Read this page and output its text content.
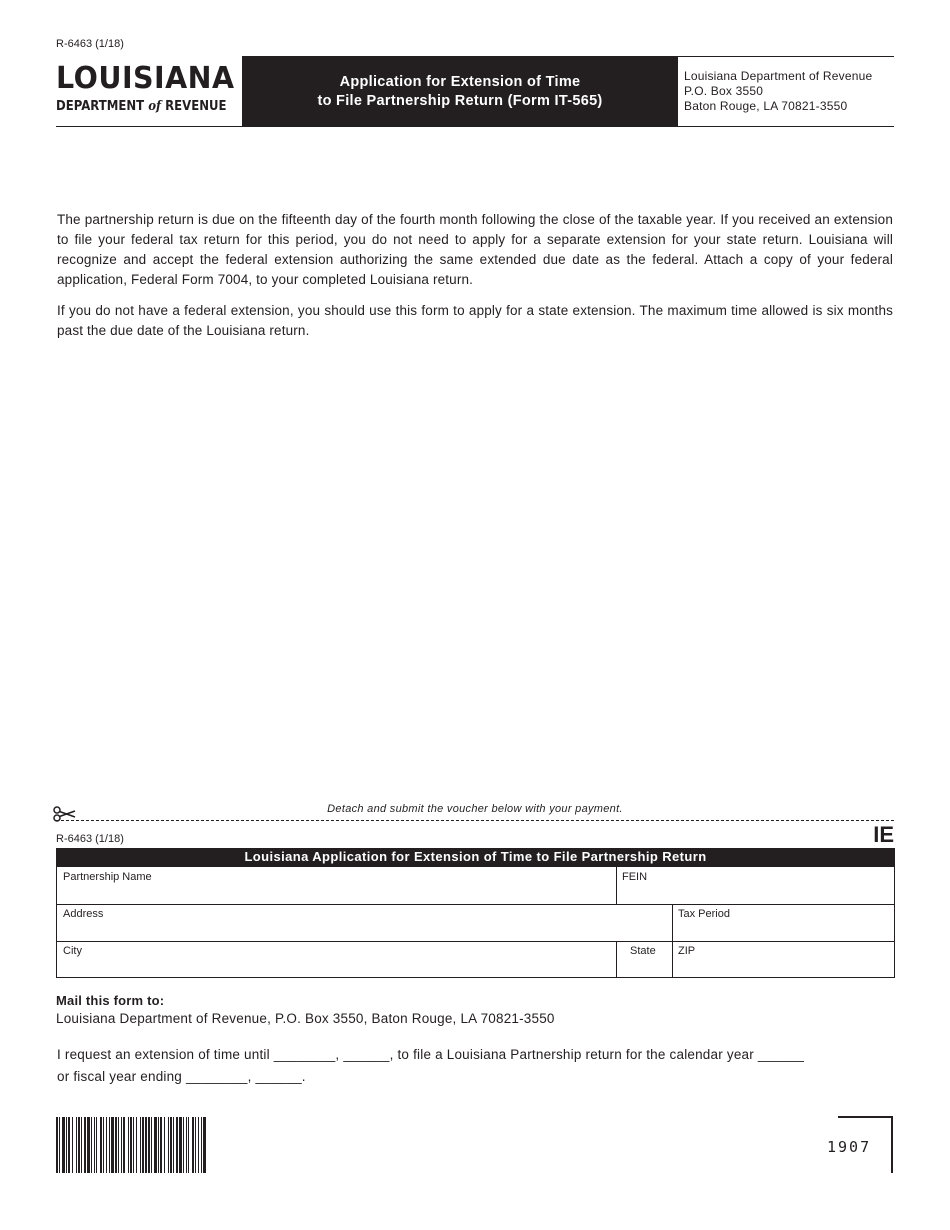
R-6463 (1/18)
LOUISIANA
DEPARTMENT of REVENUE
Application for Extension of Time
to File Partnership Return (Form IT-565)
Louisiana Department of Revenue
P.O. Box 3550
Baton Rouge, LA 70821-3550

The partnership return is due on the fifteenth day of the fourth month following the close of the taxable year. If you received an extension to file your federal tax return for this period, you do not need to apply for a separate extension for your state return. Louisiana will recognize and accept the federal extension authorizing the same extended due date as the federal. Attach a copy of your federal application, Federal Form 7004, to your completed Louisiana return.

If you do not have a federal extension, you should use this form to apply for a state extension. The maximum time allowed is six months past the due date of the Louisiana return.

Detach and submit the voucher below with your payment.
R-6463 (1/18)	IE
Louisiana Application for Extension of Time to File Partnership Return
Partnership Name	FEIN
Address	Tax Period
City	State	ZIP
Mail this form to:
Louisiana Department of Revenue, P.O. Box 3550, Baton Rouge, LA 70821-3550
I request an extension of time until ________, ______, to file a Louisiana Partnership return for the calendar year ______
or fiscal year ending ________, ______.
1907
